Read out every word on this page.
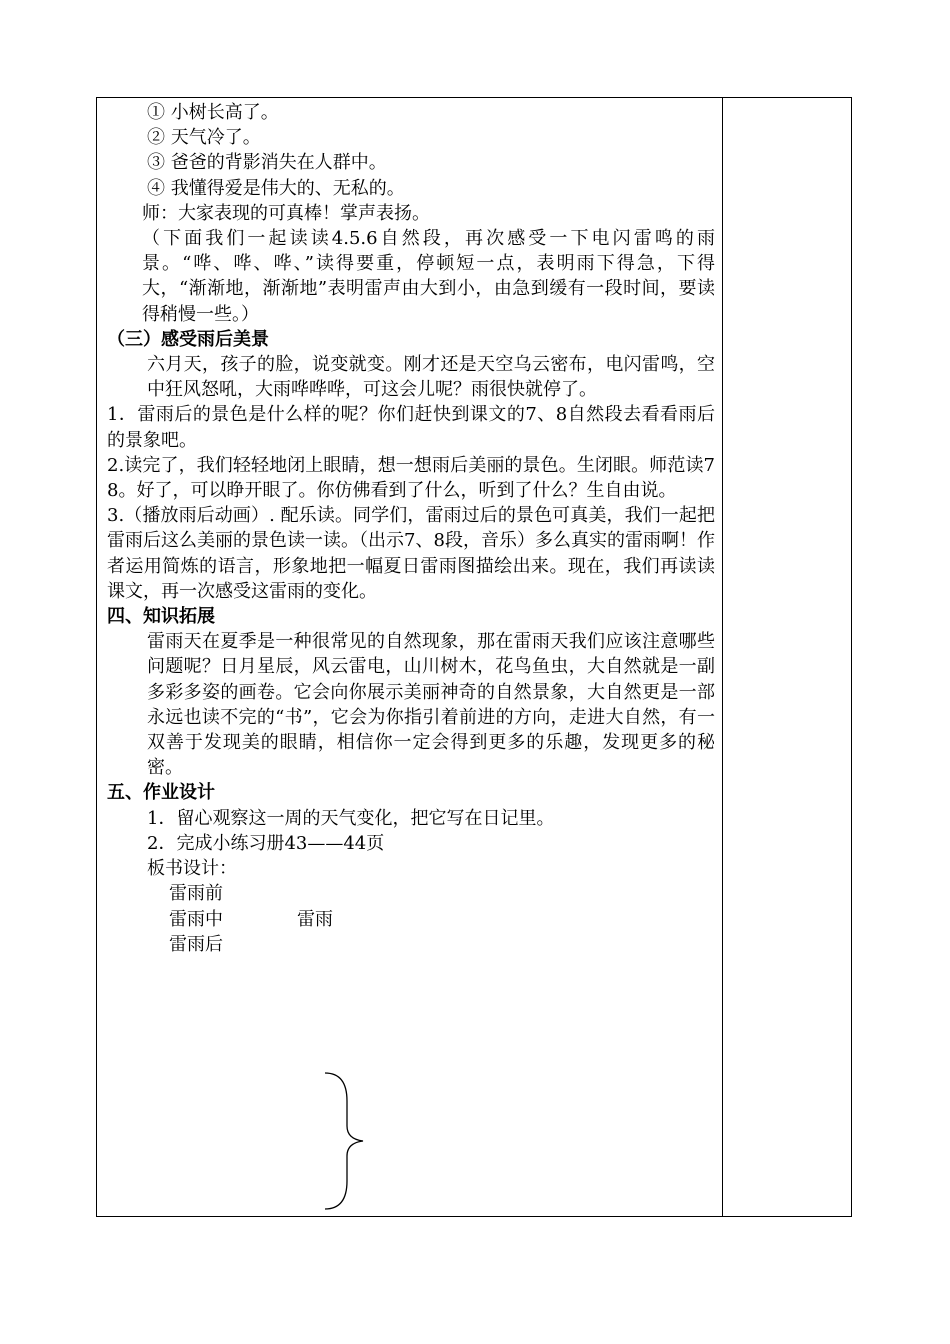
① 小树长高了。
② 天气冷了。
③ 爸爸的背影消失在人群中。
④ 我懂得爱是伟大的、无私的。
师：大家表现的可真棒！掌声表扬。
（下面我们一起读读4.5.6自然段，再次感受一下电闪雷鸣的雨景。“哗、哗、哗、”读得要重，停顿短一点，表明雨下得急，下得大，“渐渐地，渐渐地”表明雷声由大到小，由急到缓有一段时间，要读得稍慢一些。）
（三）感受雨后美景
六月天，孩子的脸，说变就变。刚才还是天空乌云密布，电闪雷鸣，空中狂风怒吼，大雨哗哗哗，可这会儿呢？雨很快就停了。
1．雷雨后的景色是什么样的呢？你们赶快到课文的7、8自然段去看看雨后的景象吧。
2.读完了，我们轻轻地闭上眼睛，想一想雨后美丽的景色。生闭眼。师范读7 8。好了，可以睁开眼了。你仿佛看到了什么，听到了什么？生自由说。
3.（播放雨后动画）. 配乐读。同学们，雷雨过后的景色可真美，我们一起把雷雨后这么美丽的景色读一读。（出示7、8段，音乐）多么真实的雷雨啊！作者运用简炼的语言，形象地把一幅夏日雷雨图描绘出来。现在，我们再读读课文，再一次感受这雷雨的变化。
四、知识拓展
雷雨天在夏季是一种很常见的自然现象，那在雷雨天我们应该注意哪些问题呢？日月星辰，风云雷电，山川树木，花鸟鱼虫，大自然就是一副多彩多姿的画卷。它会向你展示美丽神奇的自然景象，大自然更是一部永远也读不完的“书”，它会为你指引着前进的方向，走进大自然，有一双善于发现美的眼睛，相信你一定会得到更多的乐趣，发现更多的秘密。
五、作业设计
1．留心观察这一周的天气变化，把它写在日记里。
2．完成小练习册43——44页
板书设计：
雷雨前
雷雨中	雷雨
雷雨后
